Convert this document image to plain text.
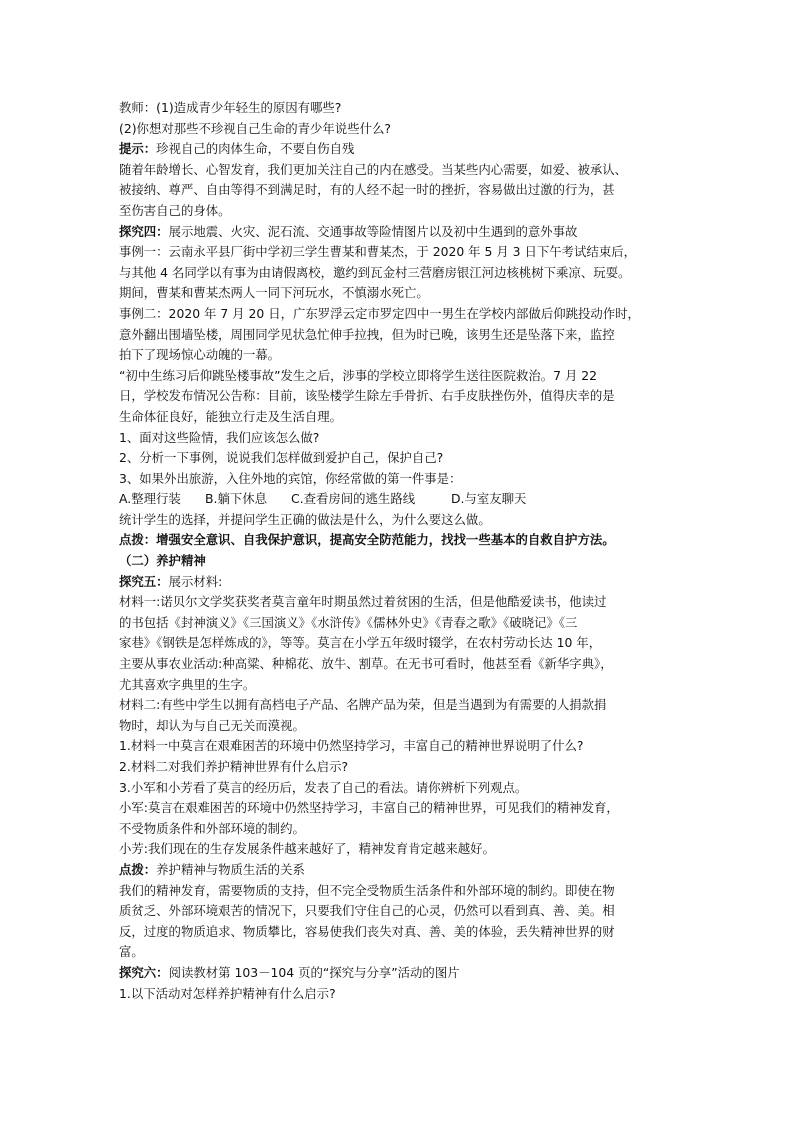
教师：(1)造成青少年轻生的原因有哪些?

(2)你想对那些不珍视自己生命的青少年说些什么?

提示：珍视自己的肉体生命，不要自伤自残

随着年龄增长、心智发育，我们更加关注自己的内在感受。当某些内心需要，如爱、被承认、

被接纳、尊严、自由等得不到满足时，有的人经不起一时的挫折，容易做出过激的行为，甚

至伤害自己的身体。

探究四：展示地震、火灾、泥石流、交通事故等险情图片以及初中生遇到的意外事故

事例一：云南永平县厂街中学初三学生曹某和曹某杰，于 2020 年 5 月 3 日下午考试结束后，

与其他 4 名同学以有事为由请假离校，邀约到瓦金村三营磨房银江河边核桃树下乘凉、玩耍。

期间，曹某和曹某杰两人一同下河玩水，不慎溺水死亡。

事例二：2020 年 7 月 20 日，广东罗浮云定市罗定四中一男生在学校内部做后仰跳投动作时，

意外翻出围墙坠楼，周围同学见状急忙伸手拉拽，但为时已晚，该男生还是坠落下来，监控

拍下了现场惊心动魄的一幕。

“初中生练习后仰跳坠楼事故”发生之后，涉事的学校立即将学生送往医院救治。7 月 22

日，学校发布情况公告称：目前，该坠楼学生除左手骨折、右手皮肤挫伤外，值得庆幸的是

生命体征良好，能独立行走及生活自理。

1、面对这些险情，我们应该怎么做?

2、分析一下事例，说说我们怎样做到爱护自己，保护自己?

3、如果外出旅游，入住外地的宾馆，你经常做的第一件事是：

A.整理行装 B.躺下休息 C.查看房间的逃生路线	D.与室友聊天

统计学生的选择，并提问学生正确的做法是什么，为什么要这么做。

点拨：增强安全意识、自我保护意识，提高安全防范能力，找找一些基本的自救自护方法。

（二）养护精神

探究五：展示材料:

材料一:诺贝尔文学奖获奖者莫言童年时期虽然过着贫困的生活，但是他酷爱读书，他读过

的书包括《封神演义》《三国演义》《水浒传》《儒林外史》《青春之歌》《破晓记》《三

家巷》《钢铁是怎样炼成的》，等等。莫言在小学五年级时辍学，在农村劳动长达 10 年，

主要从事农业活动:种高粱、种棉花、放牛、割草。在无书可看时，他甚至看《新华字典》，

尤其喜欢字典里的生字。

材料二:有些中学生以拥有高档电子产品、名牌产品为荣，但是当遇到为有需要的人捐款捐

物时，却认为与自己无关而漠视。

1.材料一中莫言在艰难困苦的环境中仍然坚持学习，丰富自己的精神世界说明了什么?

2.材料二对我们养护精神世界有什么启示?

3.小军和小芳看了莫言的经历后，发表了自己的看法。请你辨析下列观点。

小军:莫言在艰难困苦的环境中仍然坚持学习，丰富自己的精神世界，可见我们的精神发育，

不受物质条件和外部环境的制约。

小芳:我们现在的生存发展条件越来越好了，精神发育肯定越来越好。

点拨：养护精神与物质生活的关系

我们的精神发育，需要物质的支持，但不完全受物质生活条件和外部环境的制约。即使在物

质贫乏、外部环境艰苦的情况下，只要我们守住自己的心灵，仍然可以看到真、善、美。相

反，过度的物质追求、物质攀比，容易使我们丧失对真、善、美的体验，丢失精神世界的财

富。

探究六：阅读教材第 103－104 页的“探究与分享”活动的图片

1.以下活动对怎样养护精神有什么启示?
